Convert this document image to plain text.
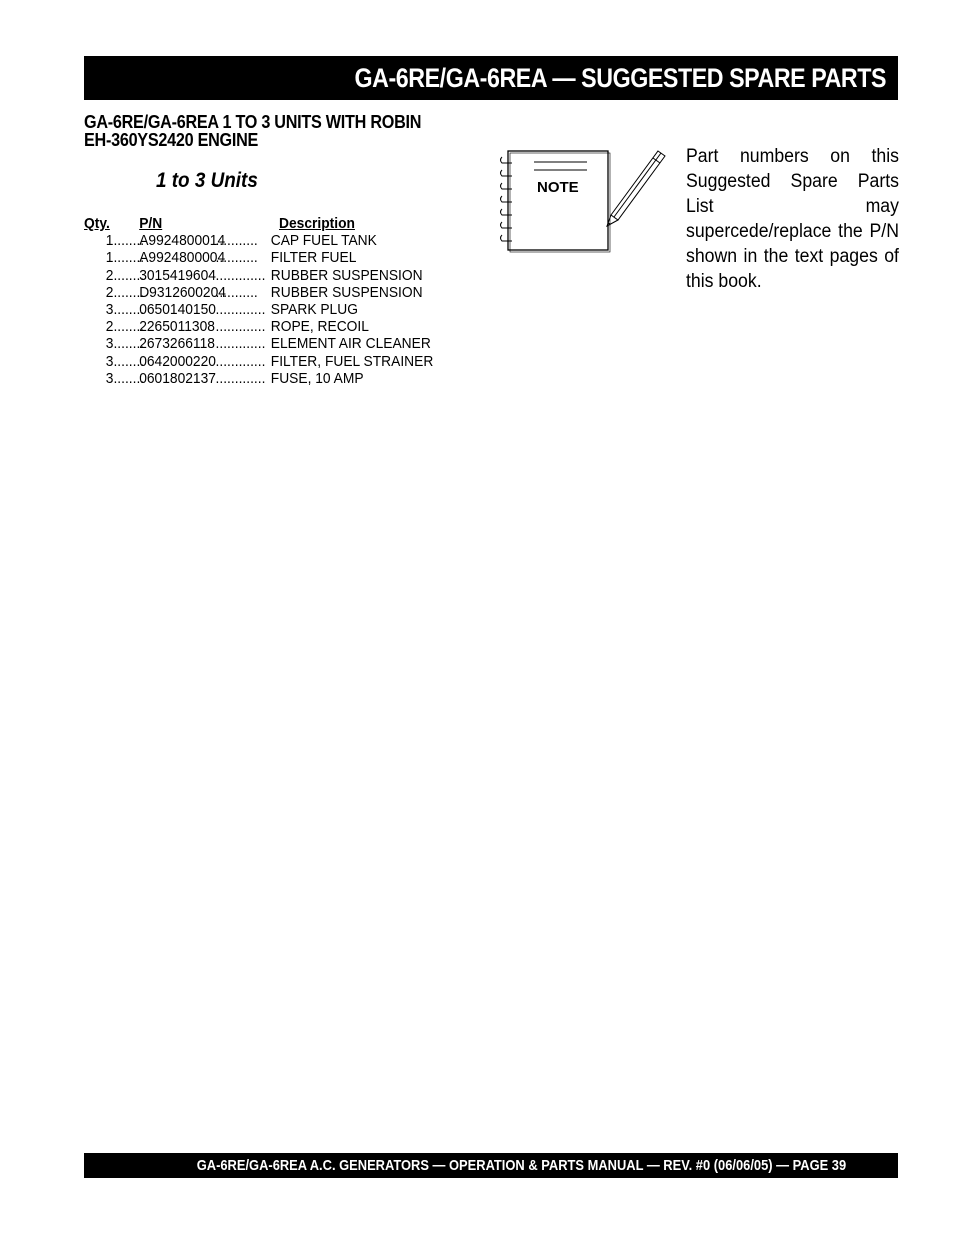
GA-6RE/GA-6REA — SUGGESTED SPARE PARTS
GA-6RE/GA-6REA 1 TO 3 UNITS WITH ROBIN
EH-360YS2420 ENGINE
1 to 3 Units
Qty.	P/N	Description
1 ........
A9924800014
........... CAP FUEL TANK
1 ........
A9924800004
........... FILTER FUEL
2 ........
3015419604 ............. RUBBER SUSPENSION
2 ........
D9312600204
........... RUBBER SUSPENSION
3 ........
0650140150 ............. SPARK PLUG
2 ........
2265011308 ............. ROPE, RECOIL
3 ........
2673266118 ............. ELEMENT AIR CLEANER
3 ........
0642000220 ............. FILTER, FUEL STRAINER
3 ........
0601802137 ............. FUSE, 10 AMP
NOTE
Part numbers on this Suggested Spare Parts List may supercede/replace the P/N shown in the text pages of this book.
GA-6RE/GA-6REA A.C. GENERATORS — OPERATION & PARTS MANUAL — REV. #0 (06/06/05) — PAGE 39
